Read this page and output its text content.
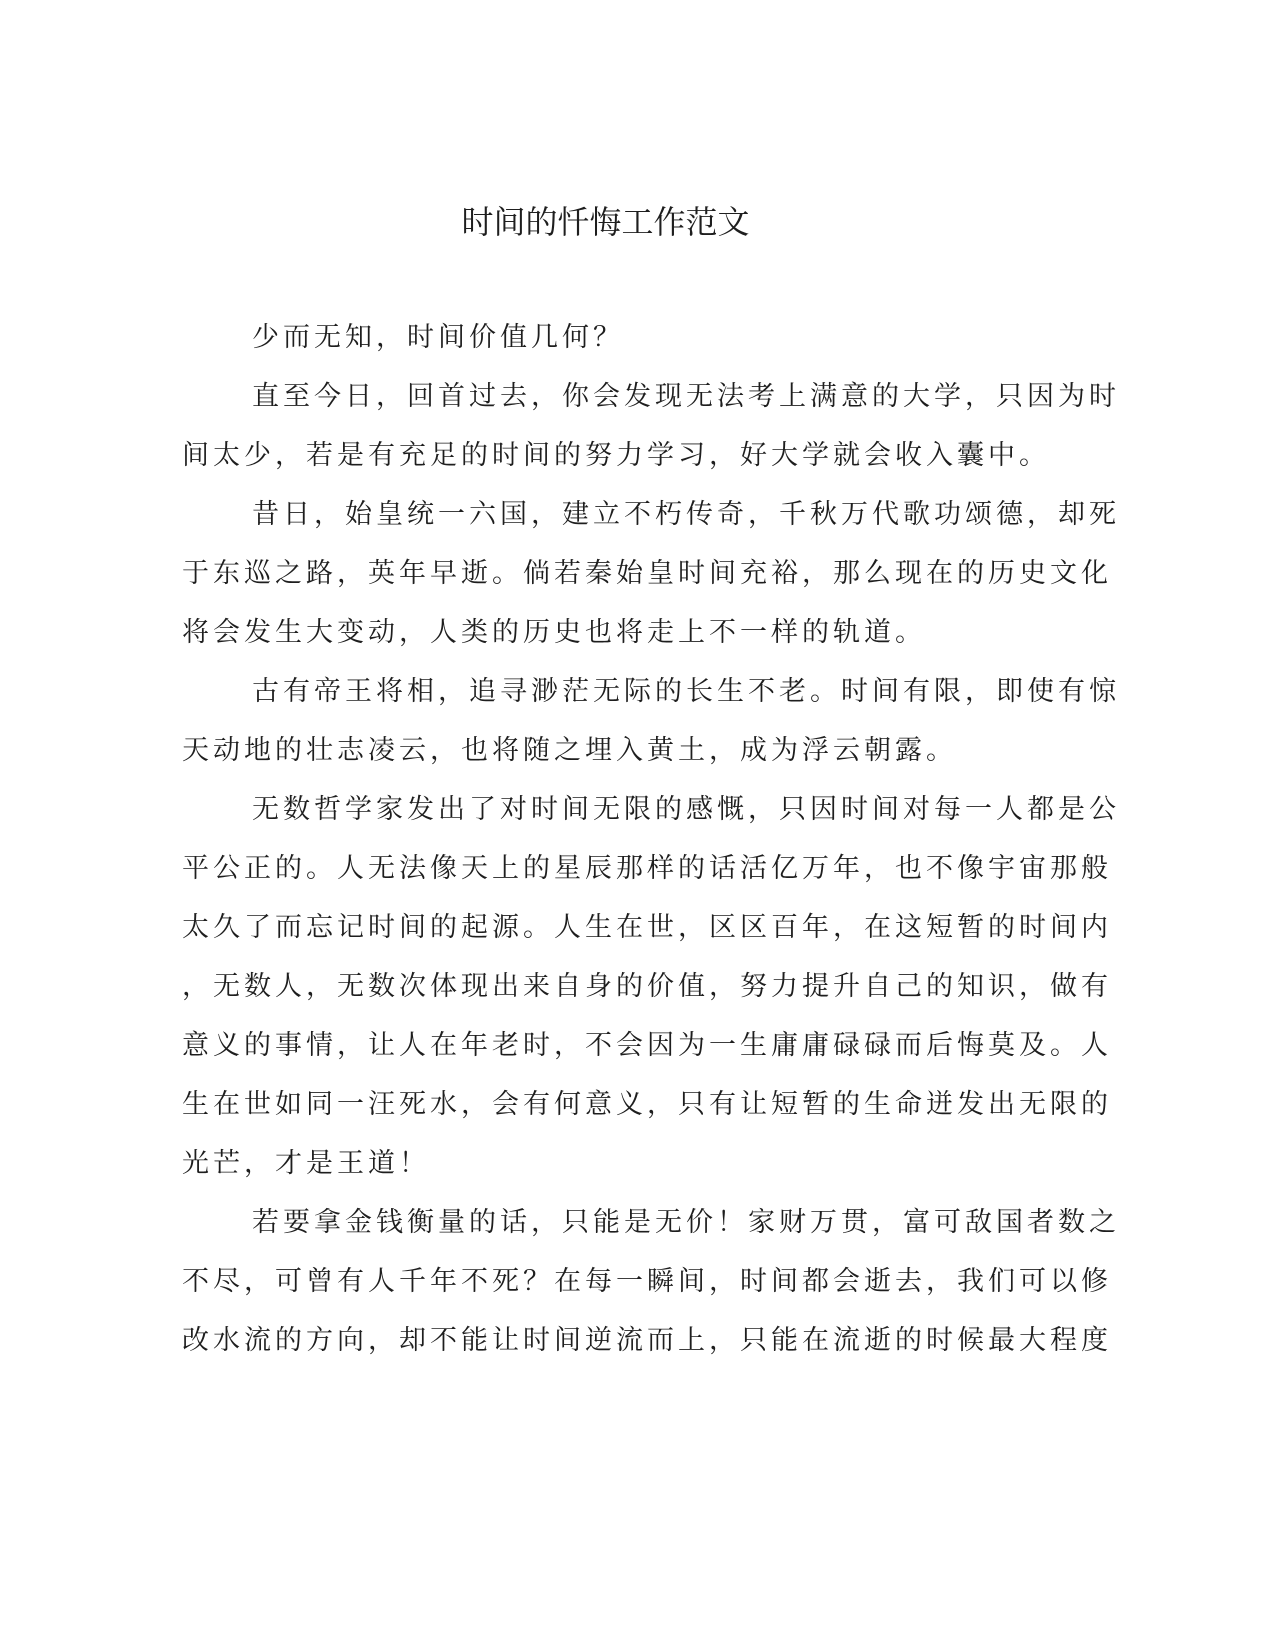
时间的忏悔工作范文
少而无知，时间价值几何？
直至今日，回首过去，你会发现无法考上满意的大学，只因为时
间太少，若是有充足的时间的努力学习，好大学就会收入囊中。
昔日，始皇统一六国，建立不朽传奇，千秋万代歌功颂德，却死
于东巡之路，英年早逝。倘若秦始皇时间充裕，那么现在的历史文化
将会发生大变动，人类的历史也将走上不一样的轨道。
古有帝王将相，追寻渺茫无际的长生不老。时间有限，即使有惊
天动地的壮志凌云，也将随之埋入黄土，成为浮云朝露。
无数哲学家发出了对时间无限的感慨，只因时间对每一人都是公
平公正的。人无法像天上的星辰那样的话活亿万年，也不像宇宙那般
太久了而忘记时间的起源。人生在世，区区百年，在这短暂的时间内
，无数人，无数次体现出来自身的价值，努力提升自己的知识，做有
意义的事情，让人在年老时，不会因为一生庸庸碌碌而后悔莫及。人
生在世如同一汪死水，会有何意义，只有让短暂的生命迸发出无限的
光芒，才是王道！
若要拿金钱衡量的话，只能是无价！家财万贯，富可敌国者数之
不尽，可曾有人千年不死？在每一瞬间，时间都会逝去，我们可以修
改水流的方向，却不能让时间逆流而上，只能在流逝的时候最大程度
